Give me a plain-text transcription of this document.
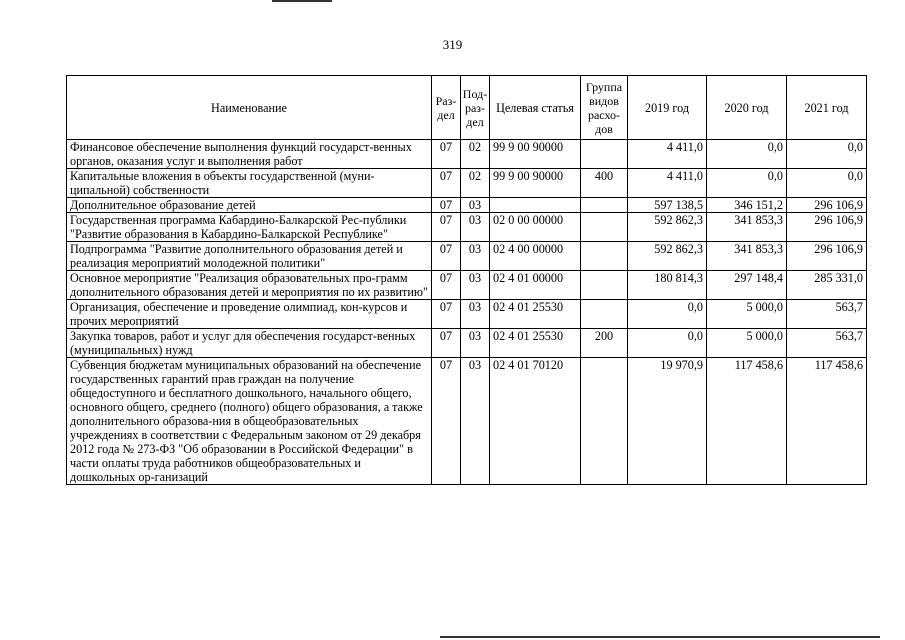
319
Наименование	Раз- дел	Под- раз- дел	Целевая статья	Группа видов расхо- дов	2019 год	2020 год	2021 год
Финансовое обеспечение выполнения функций государст-венных органов, оказания услуг и выполнения работ	07	02	99 9 00 90000		4 411,0	0,0	0,0
Капитальные вложения в объекты государственной (муни-ципальной) собственности	07	02	99 9 00 90000	400	4 411,0	0,0	0,0
Дополнительное образование детей	07	03			597 138,5	346 151,2	296 106,9
Государственная программа Кабардино-Балкарской Рес-публики "Развитие образования в Кабардино-Балкарской Республике"	07	03	02 0 00 00000		592 862,3	341 853,3	296 106,9
Подпрограмма "Развитие дополнительного образования детей и реализация мероприятий молодежной политики"	07	03	02 4 00 00000		592 862,3	341 853,3	296 106,9
Основное мероприятие "Реализация образовательных про-грамм дополнительного образования детей и мероприятия по их развитию"	07	03	02 4 01 00000		180 814,3	297 148,4	285 331,0
Организация, обеспечение и проведение олимпиад, кон-курсов и прочих мероприятий	07	03	02 4 01 25530		0,0	5 000,0	563,7
Закупка товаров, работ и услуг для обеспечения государст-венных (муниципальных) нужд	07	03	02 4 01 25530	200	0,0	5 000,0	563,7
Субвенция бюджетам муниципальных образований на обеспечение государственных гарантий прав граждан на получение общедоступного и бесплатного дошкольного, начального общего, основного общего, среднего (полного) общего образования, а также дополнительного образова-ния в общеобразовательных учреждениях в соответствии с Федеральным законом от 29 декабря 2012 года № 273-ФЗ "Об образовании в Российской Федерации" в части оплаты труда работников общеобразовательных и дошкольных ор-ганизаций	07	03	02 4 01 70120		19 970,9	117 458,6	117 458,6
